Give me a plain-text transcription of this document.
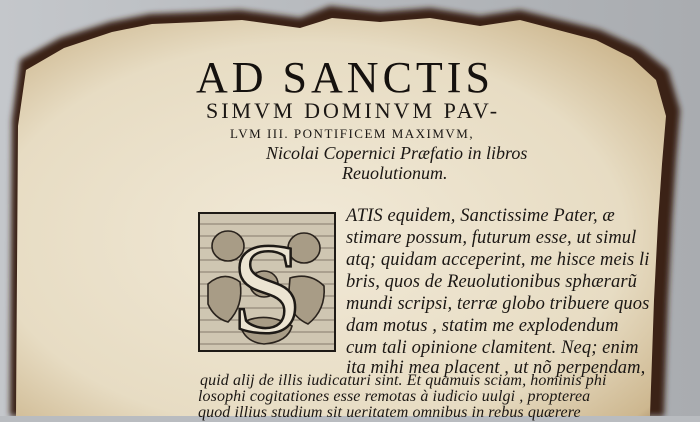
AD SANCTIS
SIMVM DOMINVM PAV-
LVM III. PONTIFICEM MAXIMVM,
Nicolai Copernici Præfatio in libros
Reuolutionum.
S
ATIS equidem, Sanctissime Pater, æ
stimare possum, futurum esse, ut simul
atq; quidam acceperint, me hisce meis li
bris, quos de Reuolutionibus sphærarũ
mundi scripsi, terræ globo tribuere quos
dam motus , statim me explodendum
cum tali opinione clamitent. Neq; enim
ita mihi mea placent , ut nõ perpendam,
quid alij de illis iudicaturi sint. Et quamuis sciam, hominis phi
losophi cogitationes esse remotas à iudicio uulgi , propterea
quod illius studium sit ueritatem omnibus in rebus quærere
